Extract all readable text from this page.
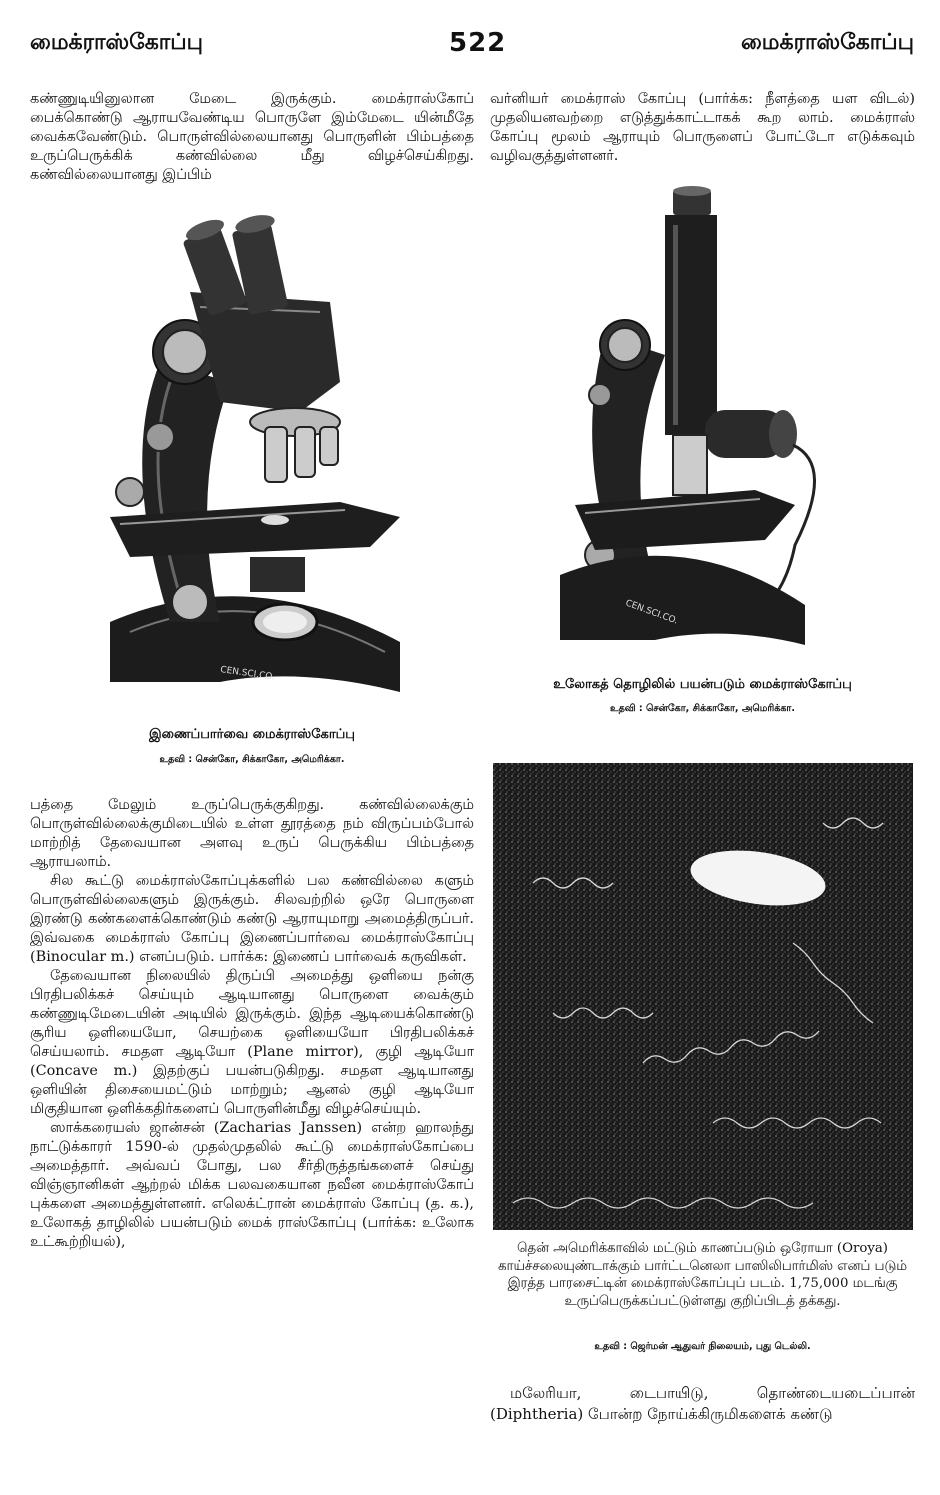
மைக்ராஸ்கோப்பு	522	மைக்ராஸ்கோப்பு

கண்ணுடியினுலான மேடை இருக்கும். மைக்ராஸ்கோப் பைக்கொண்டு ஆராயவேண்டிய பொருளே இம்மேடை யின்மீதே வைக்கவேண்டும். பொருள்வில்லையானது பொருளின் பிம்பத்தை உருப்பெருக்கிக் கண்வில்லை மீது விழச்செய்கிறது. கண்வில்லையானது இப்பிம்

CEN.SCI.CO.
இணைப்பார்வை மைக்ராஸ்கோப்பு
உதவி : சென்கோ, சிக்காகோ, அமெரிக்கா.

பத்தை மேலும் உருப்பெருக்குகிறது. கண்வில்லைக்கும் பொருள்வில்லைக்குமிடையில் உள்ள தூரத்தை நம் விருப்பம்போல் மாற்றித் தேவையான அளவு உருப் பெருக்கிய பிம்பத்தை ஆராயலாம்.

சில கூட்டு மைக்ராஸ்கோப்புக்களில் பல கண்வில்லை களும் பொருள்வில்லைகளும் இருக்கும். சிலவற்றில் ஒரே பொருளை இரண்டு கண்களைக்கொண்டும் கண்டு ஆராயுமாறு அமைத்திருப்பர். இவ்வகை மைக்ராஸ் கோப்பு இணைப்பார்வை மைக்ராஸ்கோப்பு (Binocular m.) எனப்படும். பார்க்க: இணைப் பார்வைக் கருவிகள்.

தேவையான நிலையில் திருப்பி அமைத்து ஒளியை நன்கு பிரதிபலிக்கச் செய்யும் ஆடியானது பொருளை வைக்கும் கண்ணுடிமேடையின் அடியில் இருக்கும். இந்த ஆடியைக்கொண்டு சூரிய ஒளியையோ, செயற்கை ஒளியையோ பிரதிபலிக்கச் செய்யலாம். சமதள ஆடியோ (Plane mirror), குழி ஆடியோ (Concave m.) இதற்குப் பயன்படுகிறது. சமதள ஆடியானது ஒளியின் திசையைமட்டும் மாற்றும்; ஆனல் குழி ஆடியோ மிகுதியான ஒளிக்கதிர்களைப் பொருளின்மீது விழச்செய்யும்.

ஸாக்கரையஸ் ஜான்சன் (Zacharias Janssen) என்ற ஹாலந்து நாட்டுக்காரர் 1590-ல் முதல்முதலில் கூட்டு மைக்ராஸ்கோப்பை அமைத்தார். அவ்வப் போது, பல சீர்திருத்தங்களைச் செய்து விஞ்ஞானிகள் ஆற்றல் மிக்க பலவகையான நவீன மைக்ராஸ்கோப் புக்களை அமைத்துள்ளனர். எலெக்ட்ரான் மைக்ராஸ் கோப்பு (த. க.), உலோகத் தாழிலில் பயன்படும் மைக் ராஸ்கோப்பு (பார்க்க: உலோக உட்கூற்றியல்),

வர்னியர் மைக்ராஸ் கோப்பு (பார்க்க: நீளத்தை யள விடல்) முதலியனவற்றை எடுத்துக்காட்டாகக் கூற லாம். மைக்ராஸ் கோப்பு மூலம் ஆராயும் பொருளைப் போட்டோ எடுக்கவும் வழிவகுத்துள்ளனர்.

CEN.SCI.CO.
உலோகத் தொழிலில் பயன்படும் மைக்ராஸ்கோப்பு
உதவி : சென்கோ, சிக்காகோ, அமெரிக்கா.

தென் அமெரிக்காவில் மட்டும் காணப்படும் ஒரோயா (Oroya) காய்ச்சலையுண்டாக்கும் பார்ட்டனெலா பாஸிலிபார்மிஸ் எனப் படும் இரத்த பாரசைட்டின் மைக்ராஸ்கோப்புப் படம். 1,75,000 மடங்கு உருப்பெருக்கப்பட்டுள்ளது குறிப்பிடத் தக்கது.

உதவி : ஜெர்மன் ஆதுவர் நிலையம், புது டெல்லி.

மலேரியா, டைபாயிடு, தொண்டையடைப்பான் (Diphtheria) போன்ற நோய்க்கிருமிகளைக் கண்டு
